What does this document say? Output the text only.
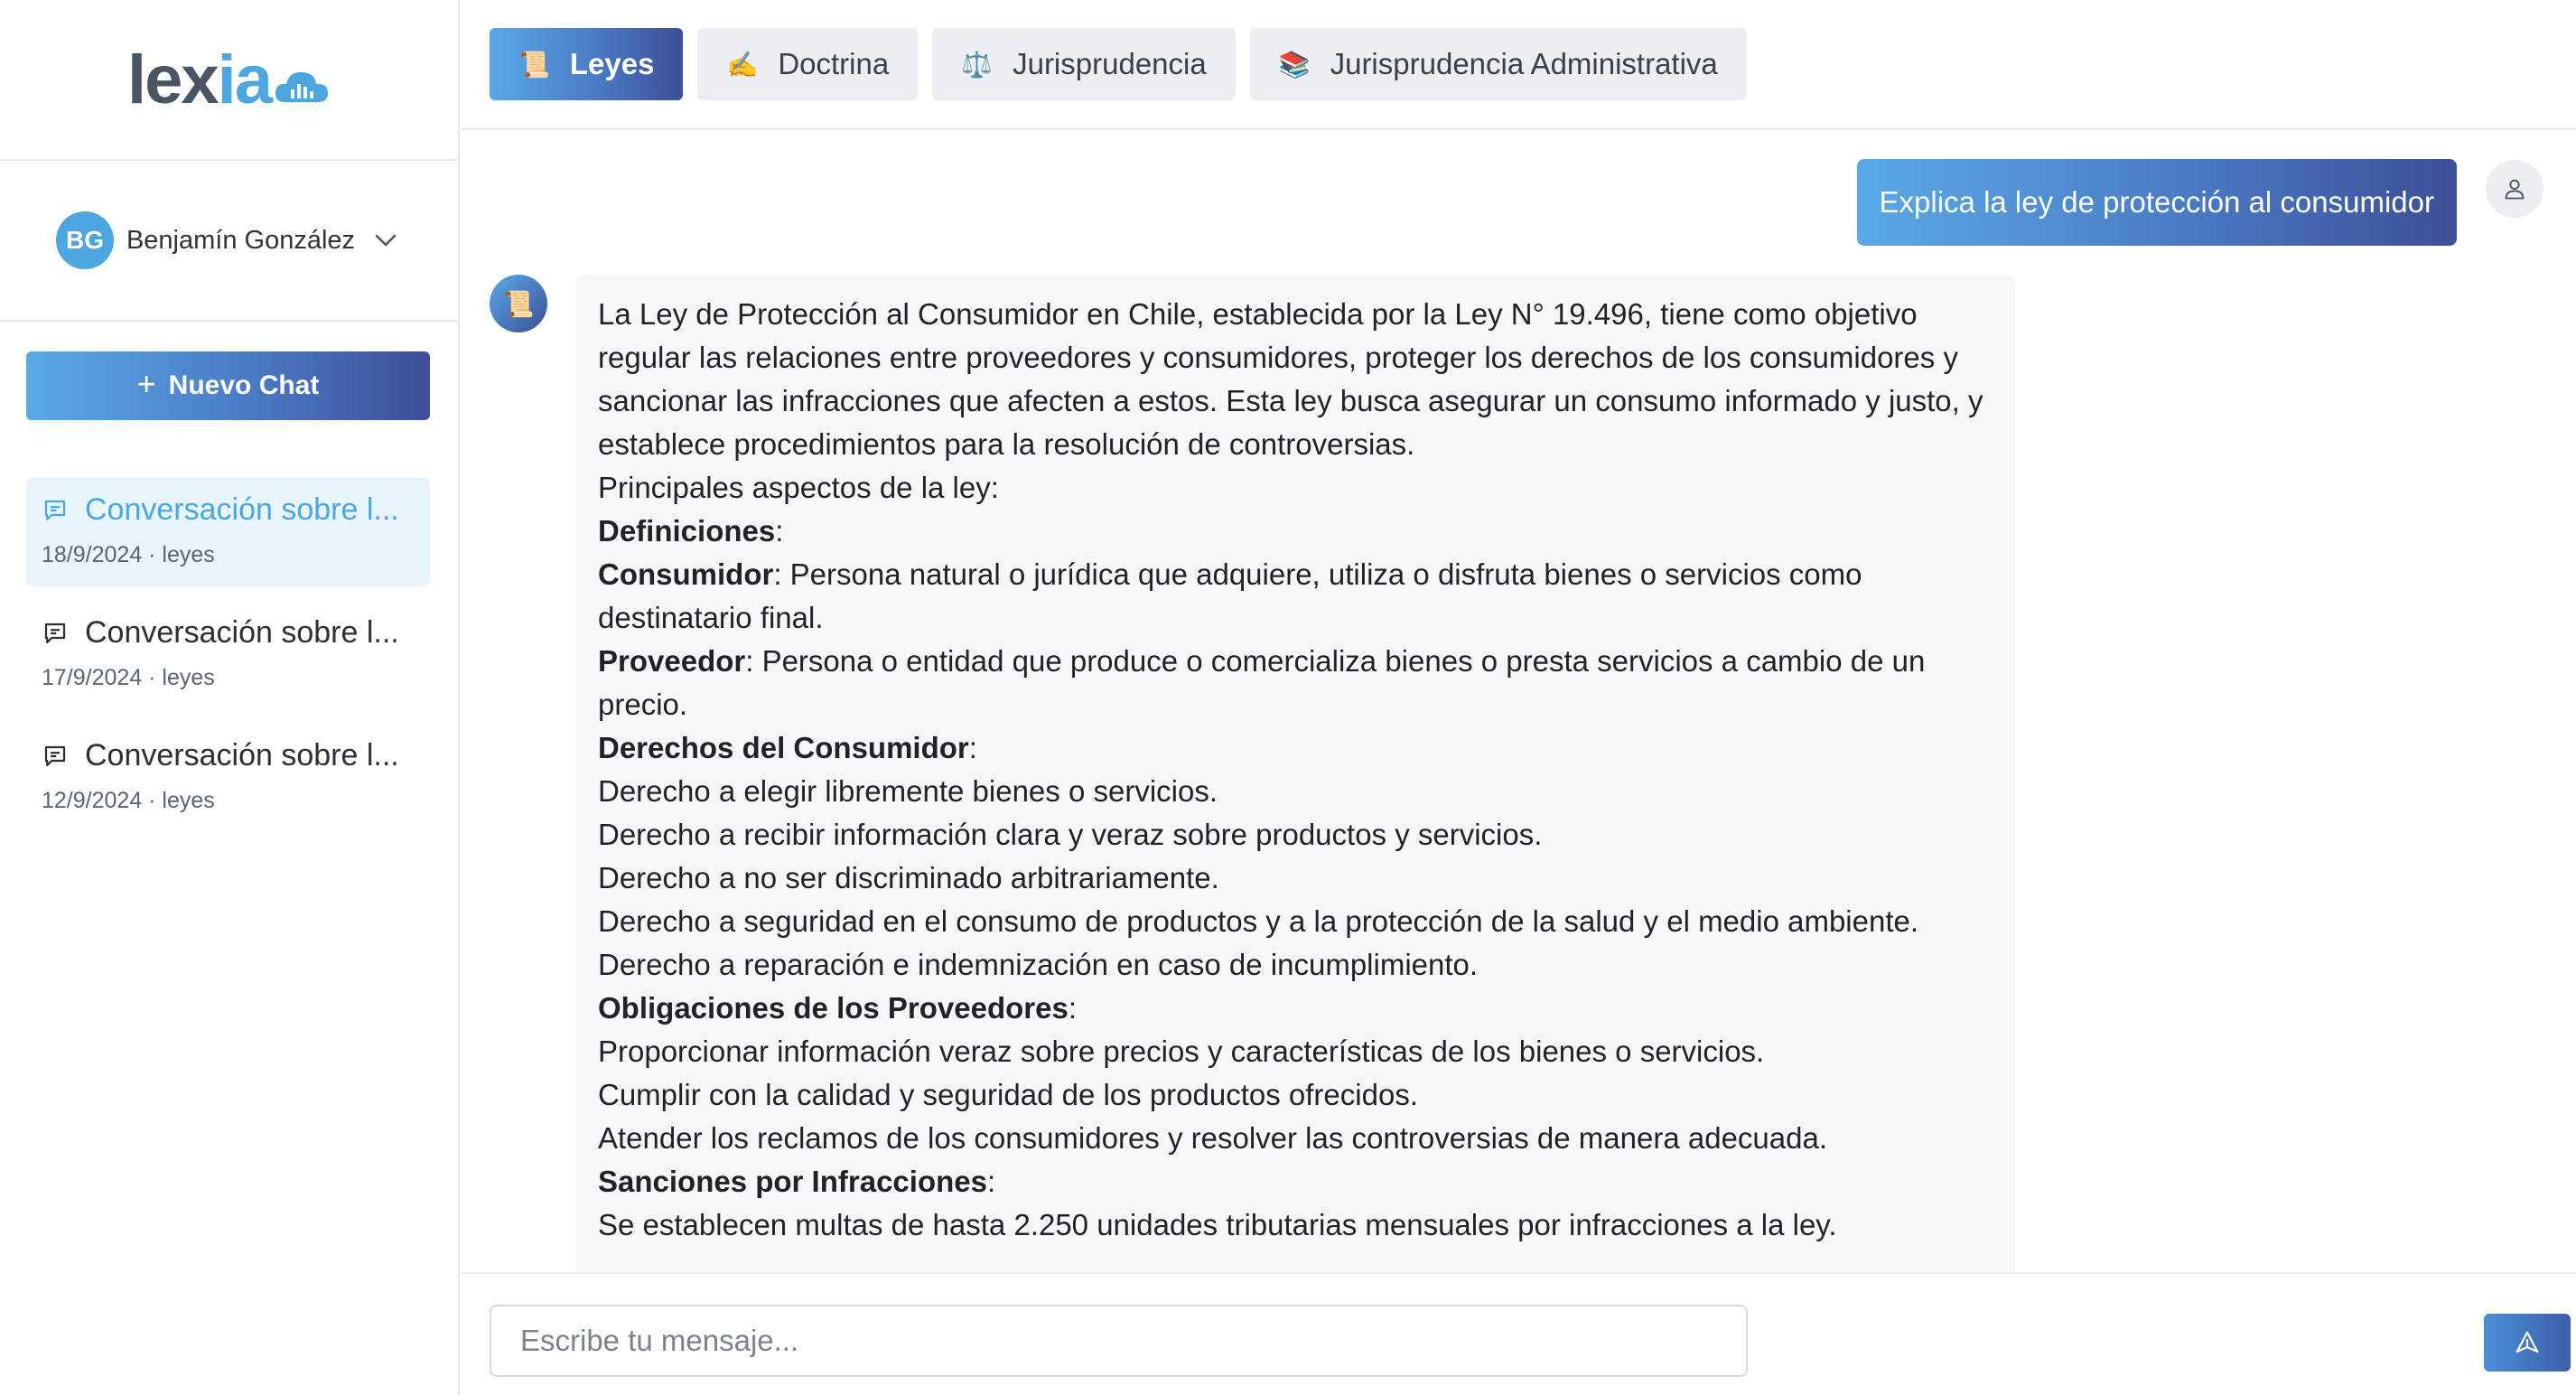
lex ia
BG Benjamín González
+ Nuevo Chat
Conversación sobre l...
18/9/2024 · leyes
Conversación sobre l...
17/9/2024 · leyes
Conversación sobre l...
12/9/2024 · leyes
📜 Leyes	✍️ Doctrina	⚖️ Jurisprudencia	📚 Jurisprudencia Administrativa
Explica la ley de protección al consumidor
📜 La Ley de Protección al Consumidor en Chile, establecida por la Ley N° 19.496, tiene como objetivo regular las relaciones entre proveedores y consumidores, proteger los derechos de los consumidores y sancionar las infracciones que afecten a estos. Esta ley busca asegurar un consumo informado y justo, y establece procedimientos para la resolución de controversias.

Principales aspectos de la ley:

Definiciones:

Consumidor: Persona natural o jurídica que adquiere, utiliza o disfruta bienes o servicios como destinatario final.

Proveedor: Persona o entidad que produce o comercializa bienes o presta servicios a cambio de un precio.

Derechos del Consumidor:

Derecho a elegir libremente bienes o servicios.

Derecho a recibir información clara y veraz sobre productos y servicios.

Derecho a no ser discriminado arbitrariamente.

Derecho a seguridad en el consumo de productos y a la protección de la salud y el medio ambiente.

Derecho a reparación e indemnización en caso de incumplimiento.

Obligaciones de los Proveedores:

Proporcionar información veraz sobre precios y características de los bienes o servicios.

Cumplir con la calidad y seguridad de los productos ofrecidos.

Atender los reclamos de los consumidores y resolver las controversias de manera adecuada.

Sanciones por Infracciones:

Se establecen multas de hasta 2.250 unidades tributarias mensuales por infracciones a la ley.

Escribe tu mensaje...
